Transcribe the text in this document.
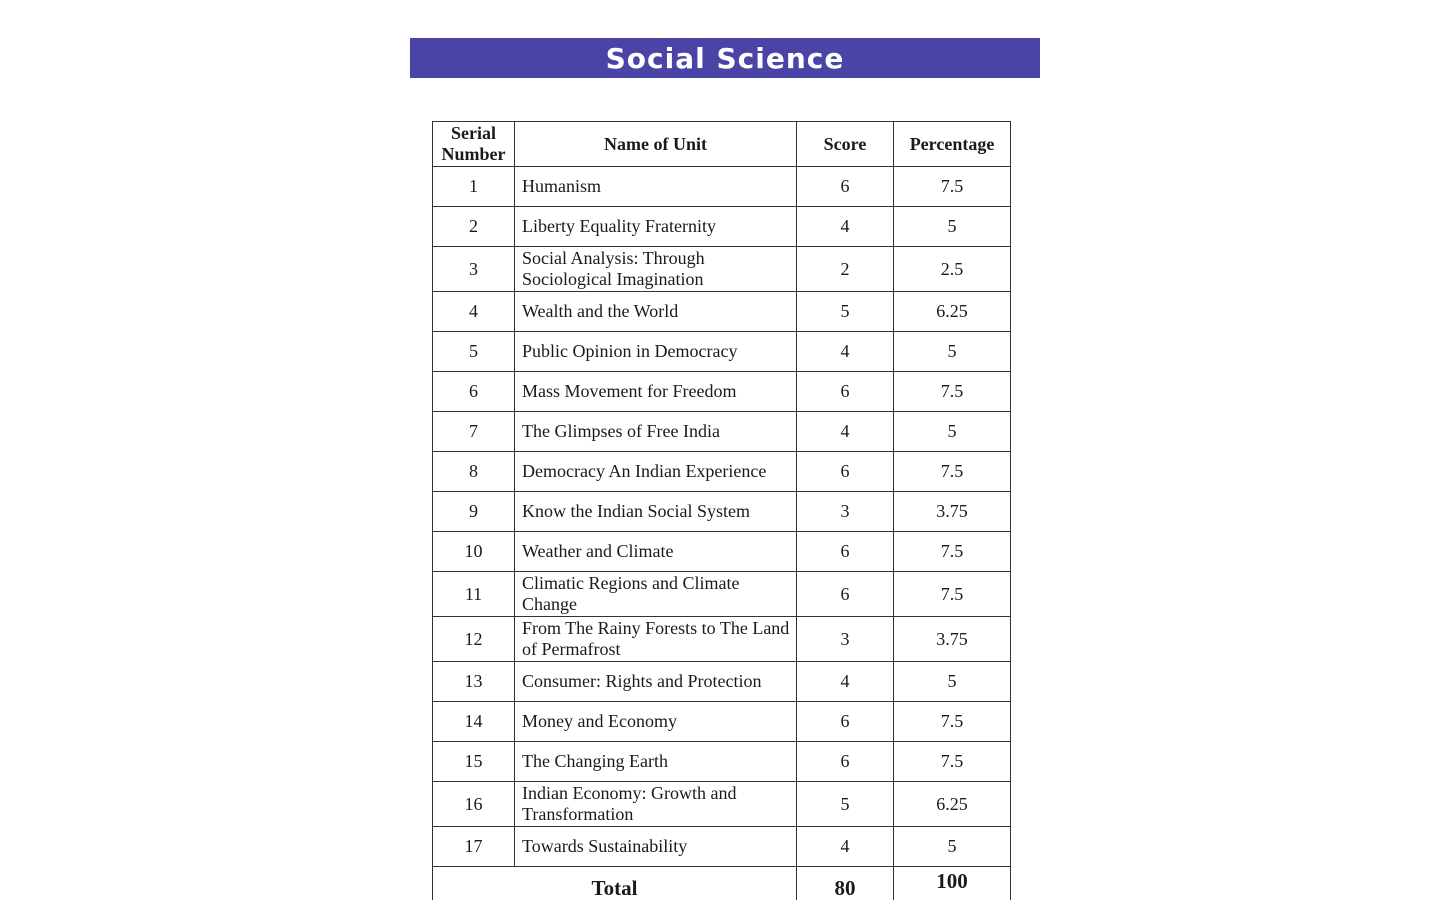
Social Science
Serial Number	Name of Unit	Score	Percentage
1	Humanism	6	7.5
2	Liberty Equality Fraternity	4	5
3	Social Analysis: Through Sociological Imagination	2	2.5
4	Wealth and the World	5	6.25
5	Public Opinion in Democracy	4	5
6	Mass Movement for Freedom	6	7.5
7	The Glimpses of Free India	4	5
8	Democracy An Indian Experience	6	7.5
9	Know the Indian Social System	3	3.75
10	Weather and Climate	6	7.5
11	Climatic Regions and Climate Change	6	7.5
12	From The Rainy Forests to The Land of Permafrost	3	3.75
13	Consumer: Rights and Protection	4	5
14	Money and Economy	6	7.5
15	The Changing Earth	6	7.5
16	Indian Economy: Growth and Transformation	5	6.25
17	Towards Sustainability	4	5
Total		80	100
